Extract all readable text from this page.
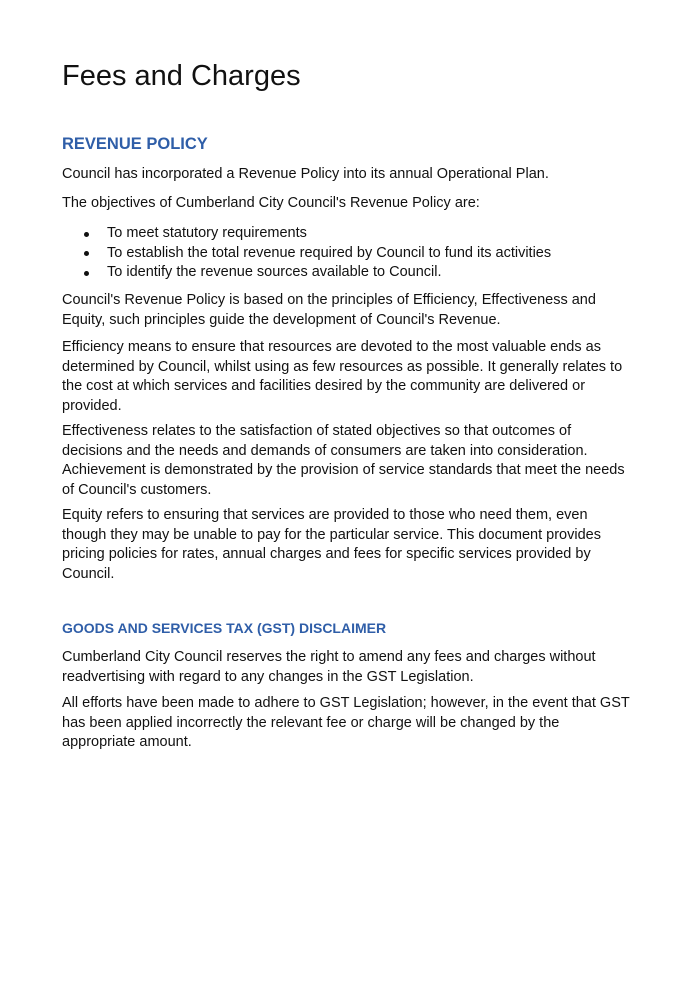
Fees and Charges
REVENUE POLICY

Council has incorporated a Revenue Policy into its annual Operational Plan.

The objectives of Cumberland City Council's Revenue Policy are:

To meet statutory requirements
To establish the total revenue required by Council to fund its activities
To identify the revenue sources available to Council.

Council's Revenue Policy is based on the principles of Efficiency, Effectiveness and Equity, such principles guide the development of Council's Revenue.

Efficiency means to ensure that resources are devoted to the most valuable ends as determined by Council, whilst using as few resources as possible. It generally relates to the cost at which services and facilities desired by the community are delivered or provided.

Effectiveness relates to the satisfaction of stated objectives so that outcomes of decisions and the needs and demands of consumers are taken into consideration. Achievement is demonstrated by the provision of service standards that meet the needs of Council's customers.

Equity refers to ensuring that services are provided to those who need them, even though they may be unable to pay for the particular service. This document provides pricing policies for rates, annual charges and fees for specific services provided by Council.

GOODS AND SERVICES TAX (GST) DISCLAIMER

Cumberland City Council reserves the right to amend any fees and charges without readvertising with regard to any changes in the GST Legislation.

All efforts have been made to adhere to GST Legislation; however, in the event that GST has been applied incorrectly the relevant fee or charge will be changed by the appropriate amount.
